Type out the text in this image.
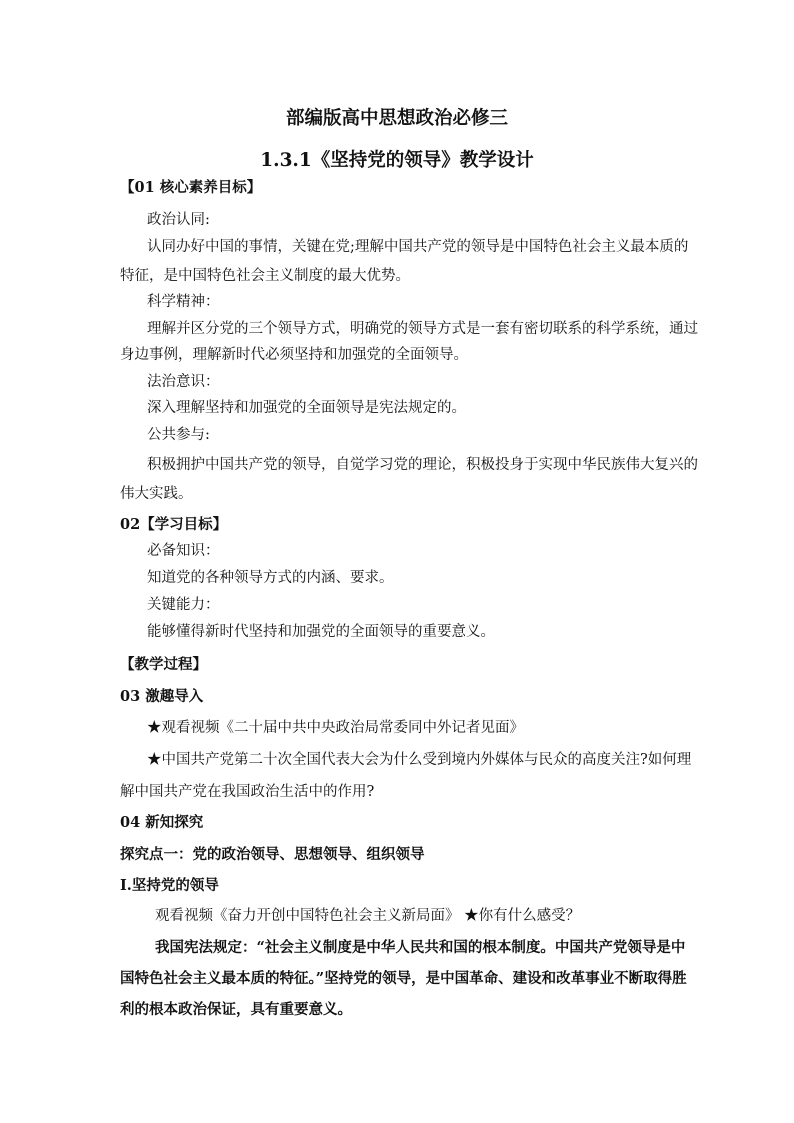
部编版高中思想政治必修三
1.3.1《坚持党的领导》教学设计
【01 核心素养目标】
政治认同:
认同办好中国的事情，关键在党;理解中国共产党的领导是中国特色社会主义最本质的
特征，是中国特色社会主义制度的最大优势。
科学精神：
理解并区分党的三个领导方式，明确党的领导方式是一套有密切联系的科学系统，通过
身边事例，理解新时代必须坚持和加强党的全面领导。
法治意识：
深入理解坚持和加强党的全面领导是宪法规定的。
公共参与:
积极拥护中国共产党的领导，自觉学习党的理论，积极投身于实现中华民族伟大复兴的
伟大实践。
02【学习目标】
必备知识：
知道党的各种领导方式的内涵、要求。
关键能力：
能够懂得新时代坚持和加强党的全面领导的重要意义。
【教学过程】
03 激趣导入
★观看视频《二十届中共中央政治局常委同中外记者见面》
★中国共产党第二十次全国代表大会为什么受到境内外媒体与民众的高度关注?如何理
解中国共产党在我国政治生活中的作用?
04 新知探究
探究点一：党的政治领导、思想领导、组织领导
Ⅰ.坚持党的领导
观看视频《奋力开创中国特色社会主义新局面》 ★你有什么感受？
我国宪法规定：“社会主义制度是中华人民共和国的根本制度。中国共产党领导是中
国特色社会主义最本质的特征。”坚持党的领导，是中国革命、建设和改革事业不断取得胜
利的根本政治保证，具有重要意义。
